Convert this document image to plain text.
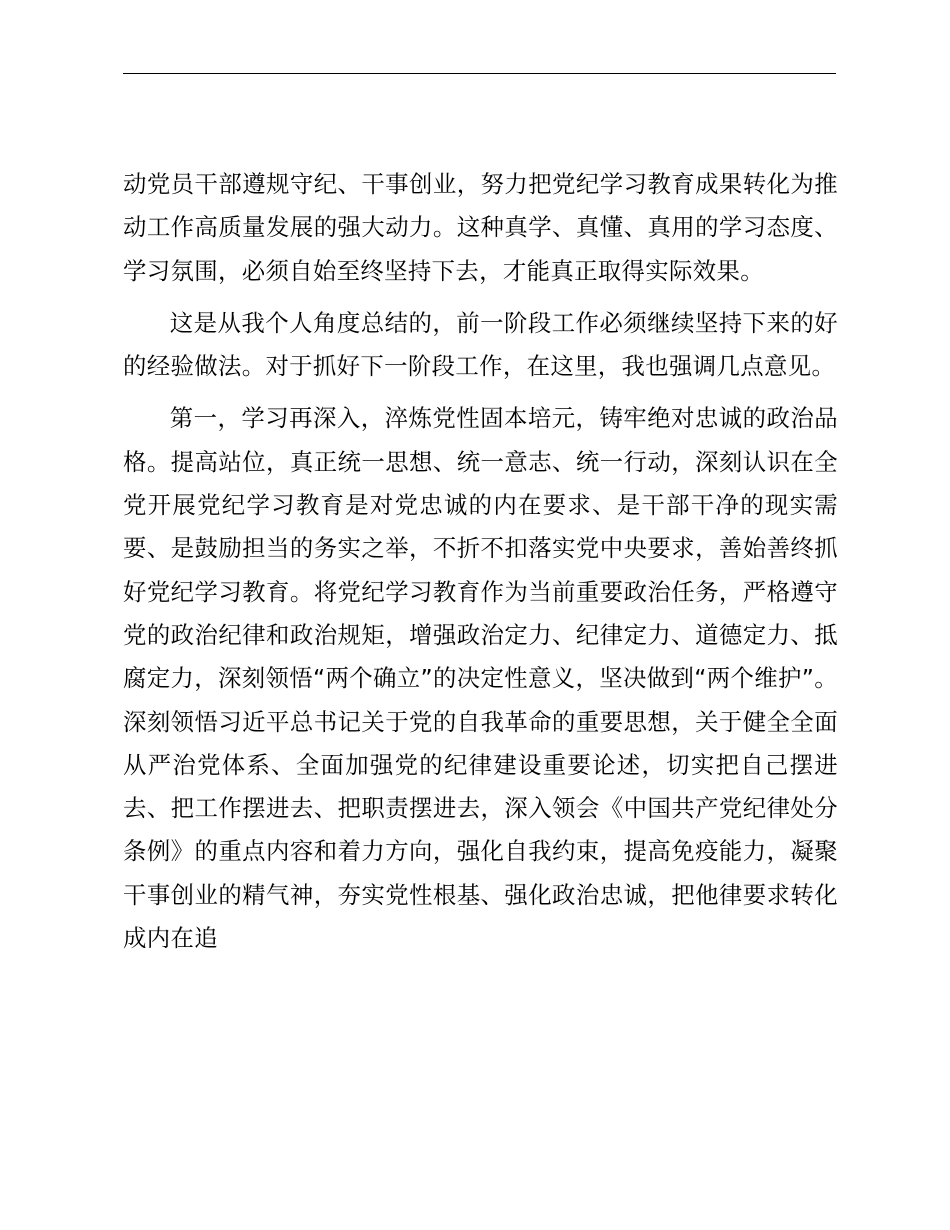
动党员干部遵规守纪、干事创业，努力把党纪学习教育成果转化为推动工作高质量发展的强大动力。这种真学、真懂、真用的学习态度、学习氛围，必须自始至终坚持下去，才能真正取得实际效果。

这是从我个人角度总结的，前一阶段工作必须继续坚持下来的好的经验做法。对于抓好下一阶段工作，在这里，我也强调几点意见。

第一，学习再深入，淬炼党性固本培元，铸牢绝对忠诚的政治品格。提高站位，真正统一思想、统一意志、统一行动，深刻认识在全党开展党纪学习教育是对党忠诚的内在要求、是干部干净的现实需要、是鼓励担当的务实之举，不折不扣落实党中央要求，善始善终抓好党纪学习教育。将党纪学习教育作为当前重要政治任务，严格遵守党的政治纪律和政治规矩，增强政治定力、纪律定力、道德定力、抵腐定力，深刻领悟“两个确立”的决定性意义，坚决做到“两个维护”。深刻领悟习近平总书记关于党的自我革命的重要思想，关于健全全面从严治党体系、全面加强党的纪律建设重要论述，切实把自己摆进去、把工作摆进去、把职责摆进去，深入领会《中国共产党纪律处分条例》的重点内容和着力方向，强化自我约束，提高免疫能力，凝聚干事创业的精气神，夯实党性根基、强化政治忠诚，把他律要求转化成内在追
